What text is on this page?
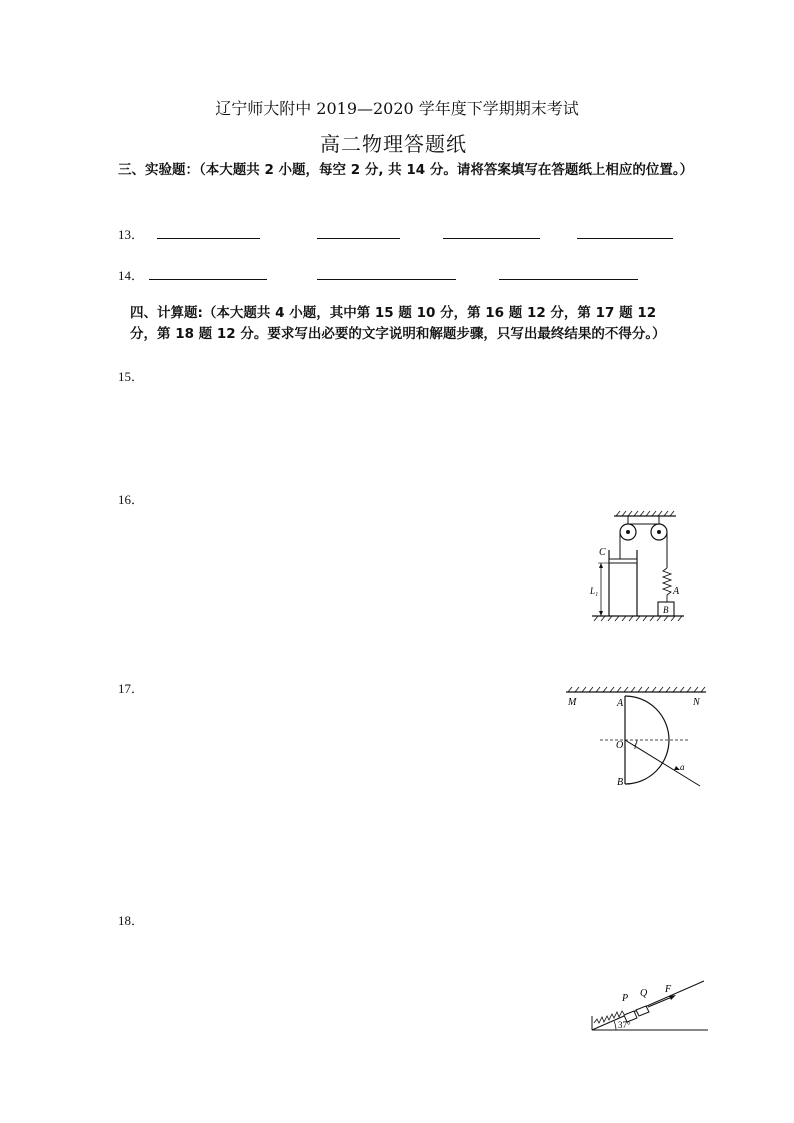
辽宁师大附中 2019—2020 学年度下学期期末考试
高二物理答题纸
三、实验题：（本大题共 2 小题，每空 2 分, 共 14 分。请将答案填写在答题纸上相应的位置。）
13．
14．
四、计算题:（本大题共 4 小题，其中第 15 题 10 分，第 16 题 12 分，第 17 题 12 分，第 18 题 12 分。要求写出必要的文字说明和解题步骤，只写出最终结果的不得分。）
15．
16．
C
L₁	A
B
17．
M	N
A
B
O i
a
18．
P Q F
37°
